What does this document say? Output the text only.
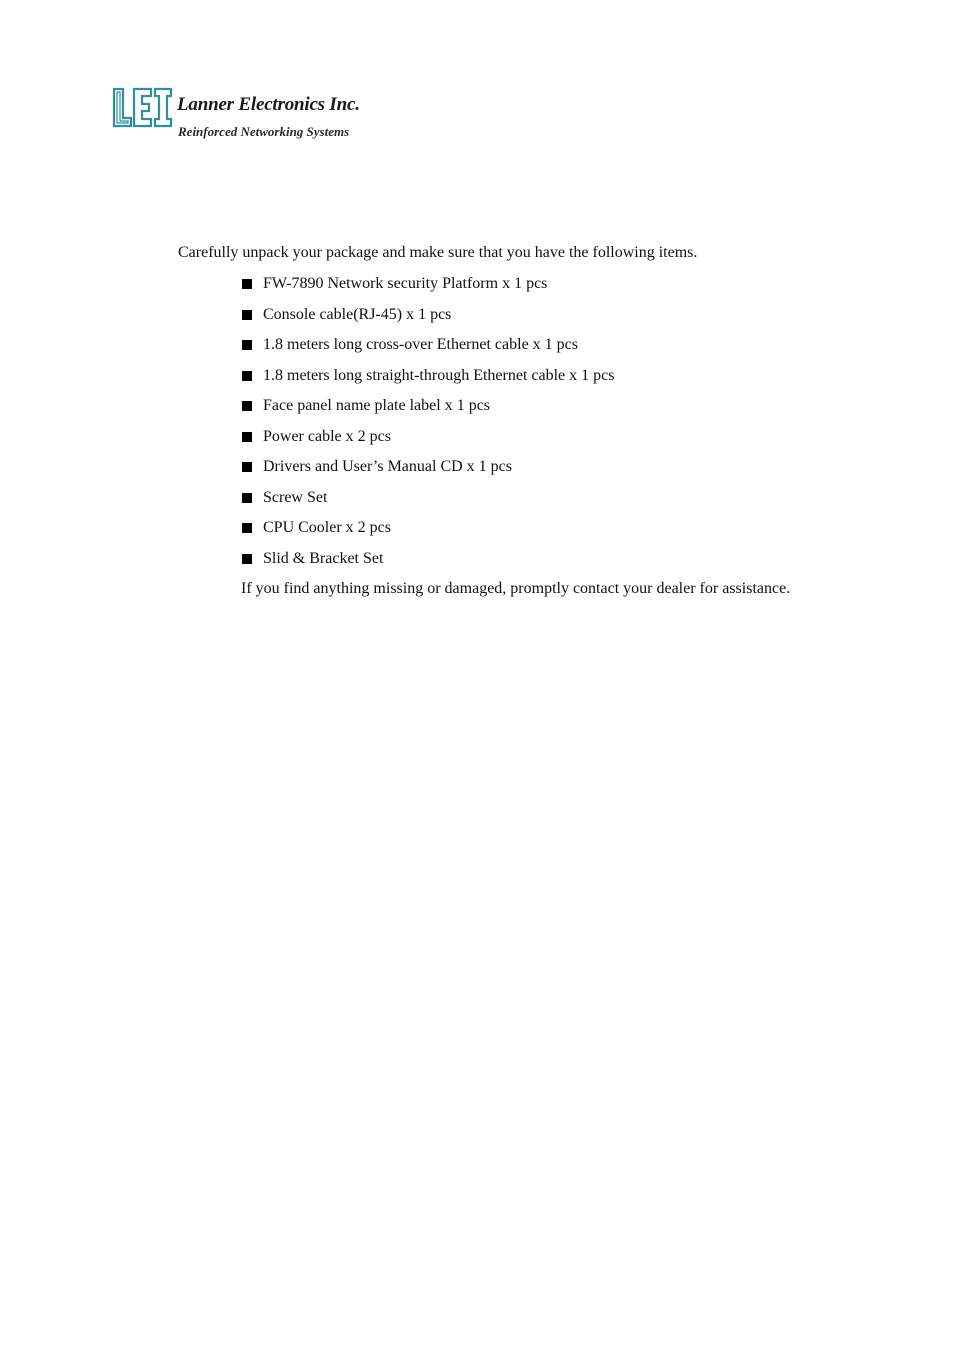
Lanner Electronics Inc.
Reinforced Networking Systems
Carefully unpack your package and make sure that you have the following items.
FW-7890 Network security Platform x 1 pcs
Console cable(RJ-45) x 1 pcs
1.8 meters long cross-over Ethernet cable x 1 pcs
1.8 meters long straight-through Ethernet cable x 1 pcs
Face panel name plate label x 1 pcs
Power cable x 2 pcs
Drivers and User’s Manual CD x 1 pcs
Screw Set
CPU Cooler x 2 pcs
Slid & Bracket Set
If you find anything missing or damaged, promptly contact your dealer for assistance.
